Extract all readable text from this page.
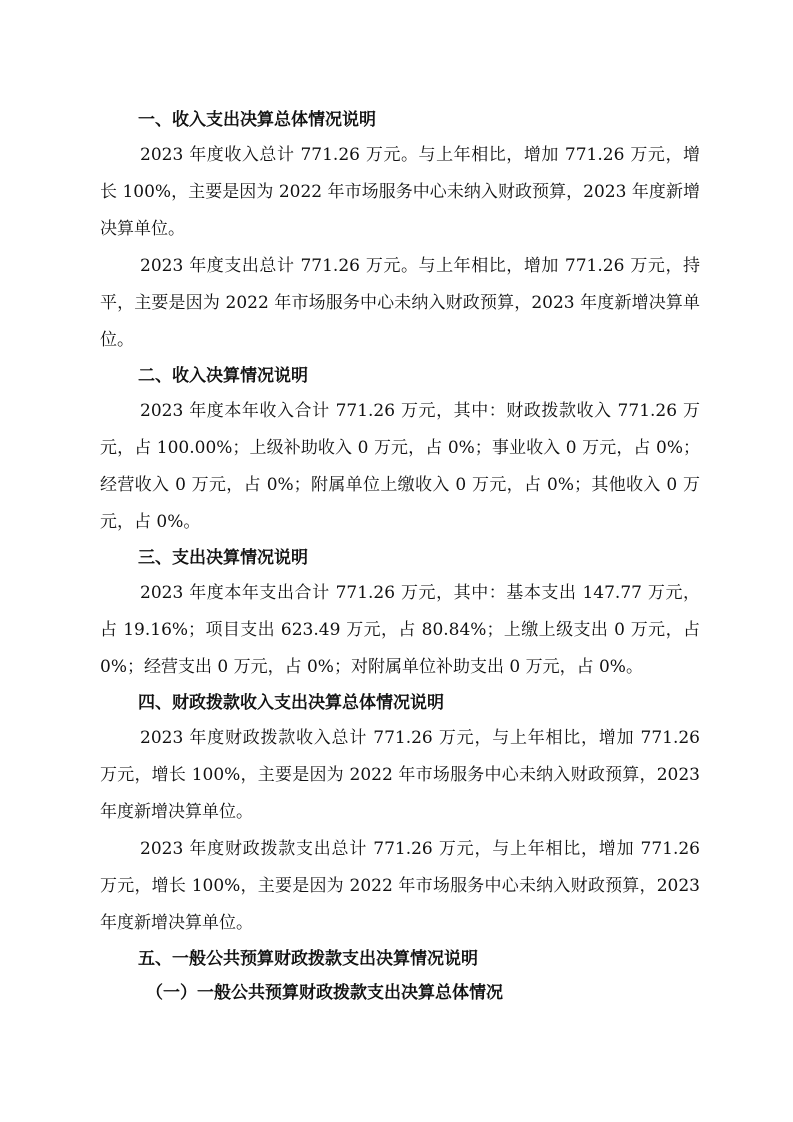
一、收入支出决算总体情况说明

2023 年度收入总计 771.26 万元。与上年相比，增加 771.26 万元，增长 100%，主要是因为 2022 年市场服务中心未纳入财政预算，2023 年度新增决算单位。

2023 年度支出总计 771.26 万元。与上年相比，增加 771.26 万元，持平，主要是因为 2022 年市场服务中心未纳入财政预算，2023 年度新增决算单位。

二、收入决算情况说明

2023 年度本年收入合计 771.26 万元，其中：财政拨款收入 771.26 万元，占 100.00%；上级补助收入 0 万元，占 0%；事业收入 0 万元，占 0%；经营收入 0 万元，占 0%；附属单位上缴收入 0 万元，占 0%；其他收入 0 万元，占 0%。

三、支出决算情况说明

2023 年度本年支出合计 771.26 万元，其中：基本支出 147.77 万元，占 19.16%；项目支出 623.49 万元，占 80.84%；上缴上级支出 0 万元，占 0%；经营支出 0 万元，占 0%；对附属单位补助支出 0 万元，占 0%。

四、财政拨款收入支出决算总体情况说明

2023 年度财政拨款收入总计 771.26 万元，与上年相比，增加 771.26 万元，增长 100%，主要是因为 2022 年市场服务中心未纳入财政预算，2023 年度新增决算单位。

2023 年度财政拨款支出总计 771.26 万元，与上年相比，增加 771.26 万元，增长 100%，主要是因为 2022 年市场服务中心未纳入财政预算，2023 年度新增决算单位。

五、一般公共预算财政拨款支出决算情况说明
（一）一般公共预算财政拨款支出决算总体情况
